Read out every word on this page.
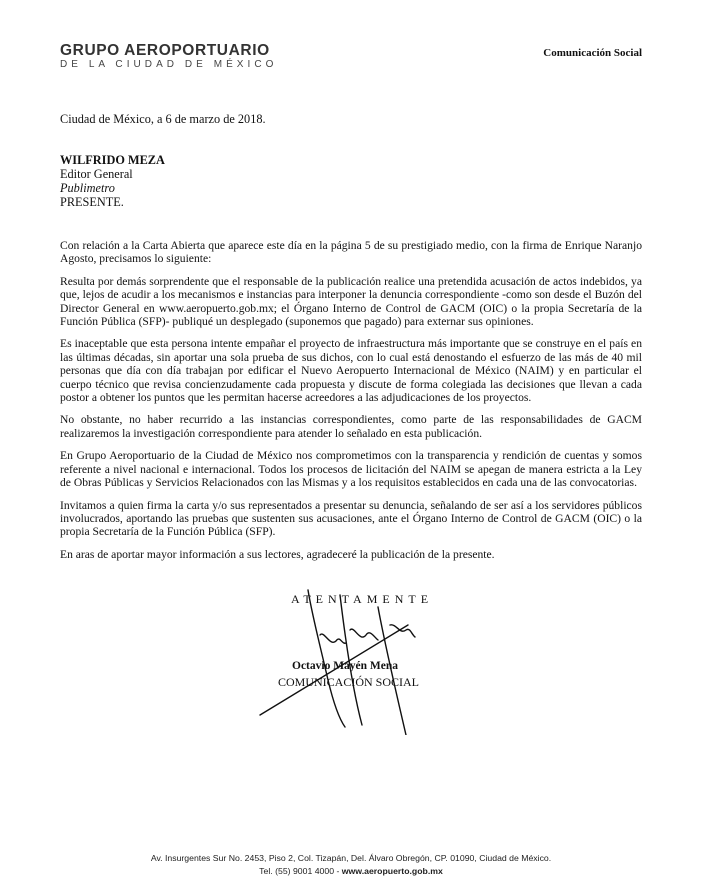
GRUPO AEROPORTUARIO
DE LA CIUDAD DE MÉXICO
Comunicación Social
Ciudad de México, a 6 de marzo de 2018.
WILFRIDO MEZA
Editor General
Publimetro
PRESENTE.

Con relación a la Carta Abierta que aparece este día en la página 5 de su prestigiado medio, con la firma de Enrique Naranjo Agosto, precisamos lo siguiente:

Resulta por demás sorprendente que el responsable de la publicación realice una pretendida acusación de actos indebidos, ya que, lejos de acudir a los mecanismos e instancias para interponer la denuncia correspondiente -como son desde el Buzón del Director General en www.aeropuerto.gob.mx; el Órgano Interno de Control de GACM (OIC) o la propia Secretaría de la Función Pública (SFP)- publiqué un desplegado (suponemos que pagado) para externar sus opiniones.

Es inaceptable que esta persona intente empañar el proyecto de infraestructura más importante que se construye en el país en las últimas décadas, sin aportar una sola prueba de sus dichos, con lo cual está denostando el esfuerzo de las más de 40 mil personas que día con día trabajan por edificar el Nuevo Aeropuerto Internacional de México (NAIM) y en particular el cuerpo técnico que revisa concienzudamente cada propuesta y discute de forma colegiada las decisiones que llevan a cada postor a obtener los puntos que les permitan hacerse acreedores a las adjudicaciones de los proyectos.

No obstante, no haber recurrido a las instancias correspondientes, como parte de las responsabilidades de GACM realizaremos la investigación correspondiente para atender lo señalado en esta publicación.

En Grupo Aeroportuario de la Ciudad de México nos comprometimos con la transparencia y rendición de cuentas y somos referente a nivel nacional e internacional. Todos los procesos de licitación del NAIM se apegan de manera estricta a la Ley de Obras Públicas y Servicios Relacionados con las Mismas y a los requisitos establecidos en cada una de las convocatorias.

Invitamos a quien firma la carta y/o sus representados a presentar su denuncia, señalando de ser así a los servidores públicos involucrados, aportando las pruebas que sustenten sus acusaciones, ante el Órgano Interno de Control de GACM (OIC) o la propia Secretaría de la Función Pública (SFP).

En aras de aportar mayor información a sus lectores, agradeceré la publicación de la presente.

ATENTAMENTE
Octavio Mayén Mena
COMUNICACIÓN SOCIAL
Av. Insurgentes Sur No. 2453, Piso 2, Col. Tizapán, Del. Álvaro Obregón, CP. 01090, Ciudad de México.
Tel. (55) 9001 4000 - www.aeropuerto.gob.mx
